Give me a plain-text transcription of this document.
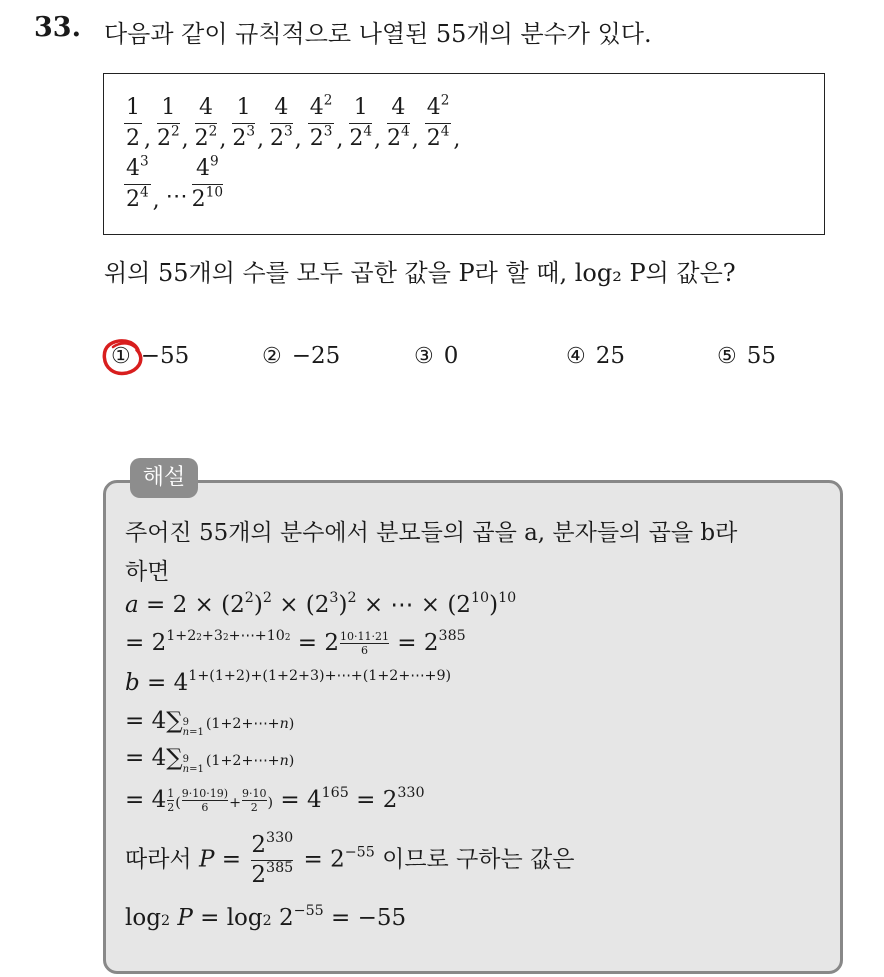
33. 다음과 같이 규칙적으로 나열된 55개의 분수가 있다.
$\frac{1}{2}$ , $\frac{1}{2^2}$ , $\frac{4}{2^2}$ , $\frac{1}{2^3}$ , $\frac{4}{2^3}$ , $\frac{4^2}{2^3}$ , $\frac{1}{2^4}$ , $\frac{4}{2^4}$ , $\frac{4^2}{2^4}$ ,
$\frac{4^3}{2^4}$ , ⋯ $\frac{4^9}{2^{10}}$
위의 55개의 수를 모두 곱한 값을 P라 할 때, log₂ P의 값은?
① −55	② −25	③ 0	④ 25	⑤ 55
해설
주어진 55개의 분수에서 분모들의 곱을 a, 분자들의 곱을 b라
하면
$a = 2 \times (2^2)^2 \times (2^3)^2$ × ⋯ × $(2^{10})^{10}$
= $2^{1+22+32+\cdots+102} = 2 \frac{10\cdot 11\cdot 21}{6} = 2^{385}$
$b = 4^{1+(1+2)+(1+2+3)+\cdots+(1+2+\cdots+9)}$
= 4∑ 9
n=1 (1+2+⋯+n)
= 4∑ 9
n=1 (1+2+⋯+n)
= $4 \frac{1}{2}$ ( $\frac{9\cdot 10\cdot 19)}{6} + \frac{9\cdot 10}{2}$ ) = $4^{165} = 2^{330}$
따라서 $P = \frac{2^{330}}{2^{385}} = 2^{-55}$ 이므로 구하는 값은
log2 P = log2 $2^{-55} = -55$
